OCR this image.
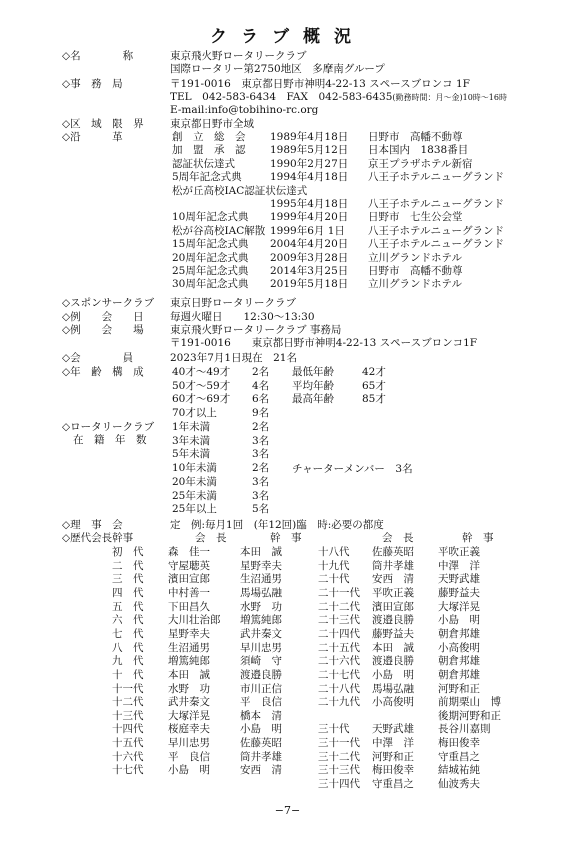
クラブ概況
◇名　　　　称	東京飛火野ロータリークラブ
国際ロータリー第2750地区　多摩南グループ
◇事　務　局	〒191-0016　東京都日野市神明4-22-13 スペースブロンコ 1F
TEL　042-583-6434　FAX　042-583-6435(勤務時間：月〜金)10時〜16時
E-mail:info@tobihino-rc.org
◇区　域　限　界	東京都日野市全域
◇沿　　　革	創　立　総　会 1989年4月18日 日野市　高幡不動尊
加　盟　承　認 1989年5月12日 日本国内　1838番目
認証状伝達式	1990年2月27日 京王プラザホテル新宿
5周年記念式典	1994年4月18日 八王子ホテルニューグランド
松が丘高校IAC認証状伝達式
1995年4月18日 八王子ホテルニューグランド
10周年記念式典 1999年4月20日 日野市　七生公会堂
松が谷高校IAC解散 1999年6月 1日 八王子ホテルニューグランド
15周年記念式典 2004年4月20日 八王子ホテルニューグランド
20周年記念式典 2009年3月28日 立川グランドホテル
25周年記念式典 2014年3月25日 日野市　高幡不動尊
30周年記念式典 2019年5月18日 立川グランドホテル
◇スポンサークラブ 東京日野ロータリークラブ
◇例　　会　　日	毎週火曜日　　12:30〜13:30
◇例　　会　　場	東京飛火野ロータリークラブ 事務局
〒191-0016　　東京都日野市神明4-22-13 スペースブロンコ1F
◇会　　　　員	2023年7月1日現在　21名
◇年　齢　構　成	40才〜49才 2名 最低年齢	42才
50才〜59才 4名 平均年齢	65才
60才〜69才 6名 最高年齢	85才
70才以上	9名
◇ロータリークラブ
在　籍　年　数
1年未満	2名
3年未満	3名
5年未満	3名
10年未満	2名
20年未満	3名
25年未満	3名
25年以上	5名
チャーターメンバー　3名
◇理　事　会	定　例:毎月1回　(年12回)臨　時:必要の都度
◇歴代会長幹事	会　長	幹　事	会　長	幹　事
初　代 森　佳一	本田　誠
二　代 守屋聴英	星野幸夫
三　代 濱田宣郎	生沼通男
四　代 中村善一	馬場弘融
五　代 下田昌久	水野　功
六　代 大川壮治郎 増篤純郎
七　代 星野幸夫	武井秦文
八　代 生沼通男	早川忠男
九　代 増篤純郎	須崎　守
十　代 本田　誠	渡邉良勝
十一代 水野　功	市川正信
十二代 武井秦文	平　良信
十三代 大塚洋晃	橋本　清
十四代 桜庭幸夫	小島　明
十五代 早川忠男	佐藤英昭
十六代 平　良信	筒井孝雄
十七代 小島　明	安西　清
十八代 佐藤英昭 平吹正義
十九代 筒井孝雄 中澤　洋
二十代 安西　清 天野武雄
二十一代 平吹正義 藤野益夫
二十二代 濱田宣郎 大塚洋晃
二十三代 渡邉良勝 小島　明
二十四代 藤野益夫 朝倉邦雄
二十五代 本田　誠 小高俊明
二十六代 渡邉良勝 朝倉邦雄
二十七代 小島　明 朝倉邦雄
二十八代 馬場弘融 河野和正
二十九代 小高俊明 前期栗山　博
後期河野和正
三十代 天野武雄 長谷川嘉則
三十一代 中澤　洋 梅田俊幸
三十二代 河野和正 守重昌之
三十三代 梅田俊幸 結城祐純
三十四代 守重昌之 仙波秀夫
−7−
